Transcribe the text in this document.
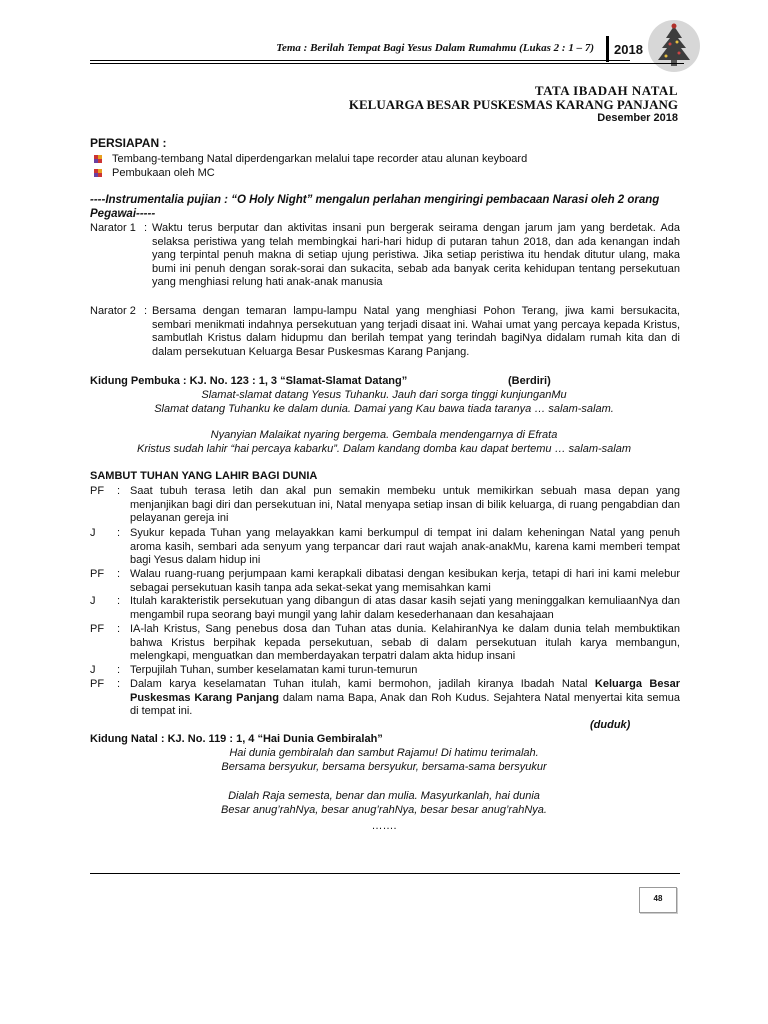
Tema : Berilah Tempat Bagi Yesus Dalam Rumahmu (Lukas 2 : 1 – 7) 2018
TATA IBADAH NATAL
KELUARGA BESAR PUSKESMAS KARANG PANJANG
Desember 2018
PERSIAPAN :
Tembang-tembang Natal diperdengarkan melalui tape recorder atau alunan keyboard
Pembukaan oleh MC
----Instrumentalia pujian : “O Holy Night” mengalun perlahan mengiringi pembacaan Narasi oleh 2 orang
Pegawai-----
Narator 1 : Waktu terus berputar dan aktivitas insani pun bergerak seirama dengan jarum jam yang berdetak. Ada selaksa peristiwa yang telah membingkai hari-hari hidup di putaran tahun 2018, dan ada kenangan indah yang terpintal penuh makna di setiap ujung peristiwa. Jika setiap peristiwa itu hendak ditutur ulang, maka bumi ini penuh dengan sorak-sorai dan sukacita, sebab ada banyak cerita kehidupan tentang persekutuan yang menghiasi relung hati anak-anak manusia
Narator 2 : Bersama dengan temaran lampu-lampu Natal yang menghiasi Pohon Terang, jiwa kami bersukacita, sembari menikmati indahnya persekutuan yang terjadi disaat ini. Wahai umat yang percaya kepada Kristus, sambutlah Kristus dalam hidupmu dan berilah tempat yang terindah bagiNya didalam rumah kita dan di dalam persekutuan Keluarga Besar Puskesmas Karang Panjang.
Kidung Pembuka : KJ. No. 123 : 1, 3 “Slamat-Slamat Datang”	(Berdiri)
Slamat-slamat datang Yesus Tuhanku. Jauh dari sorga tinggi kunjunganMu
Slamat datang Tuhanku ke dalam dunia. Damai yang Kau bawa tiada taranya … salam-salam.
Nyanyian Malaikat nyaring bergema. Gembala mendengarnya di Efrata
Kristus sudah lahir “hai percaya kabarku”. Dalam kandang domba kau dapat bertemu … salam-salam
SAMBUT TUHAN YANG LAHIR BAGI DUNIA
PF : Saat tubuh terasa letih dan akal pun semakin membeku untuk memikirkan sebuah masa depan yang menjanjikan bagi diri dan persekutuan ini, Natal menyapa setiap insan di bilik keluarga, di ruang pengabdian dan pelayanan gereja ini
J : Syukur kepada Tuhan yang melayakkan kami berkumpul di tempat ini dalam keheningan Natal yang penuh aroma kasih, sembari ada senyum yang terpancar dari raut wajah anak-anakMu, karena kami memberi tempat bagi Yesus dalam hidup ini
PF : Walau ruang-ruang perjumpaan kami kerapkali dibatasi dengan kesibukan kerja, tetapi di hari ini kami melebur sebagai persekutuan kasih tanpa ada sekat-sekat yang memisahkan kami
J : Itulah karakteristik persekutuan yang dibangun di atas dasar kasih sejati yang meninggalkan kemuliaanNya dan mengambil rupa seorang bayi mungil yang lahir dalam kesederhanaan dan kesahajaan
PF : IA-lah Kristus, Sang penebus dosa dan Tuhan atas dunia. KelahiranNya ke dalam dunia telah membuktikan bahwa Kristus berpihak kepada persekutuan, sebab di dalam persekutuan itulah karya membangun, melengkapi, menguatkan dan memberdayakan terpatri dalam akta hidup insani
J : Terpujilah Tuhan, sumber keselamatan kami turun-temurun
PF : Dalam karya keselamatan Tuhan itulah, kami bermohon, jadilah kiranya Ibadah Natal Keluarga Besar Puskesmas Karang Panjang dalam nama Bapa, Anak dan Roh Kudus. Sejahtera Natal menyertai kita semua di tempat ini.
(duduk)
Kidung Natal : KJ. No. 119 : 1, 4 “Hai Dunia Gembiralah”
Hai dunia gembiralah dan sambut Rajamu! Di hatimu terimalah.
Bersama bersyukur, bersama bersyukur, bersama-sama bersyukur
Dialah Raja semesta, benar dan mulia. Masyurkanlah, hai dunia
Besar anug’rahNya, besar anug’rahNya, besar besar anug’rahNya.
…….
48
